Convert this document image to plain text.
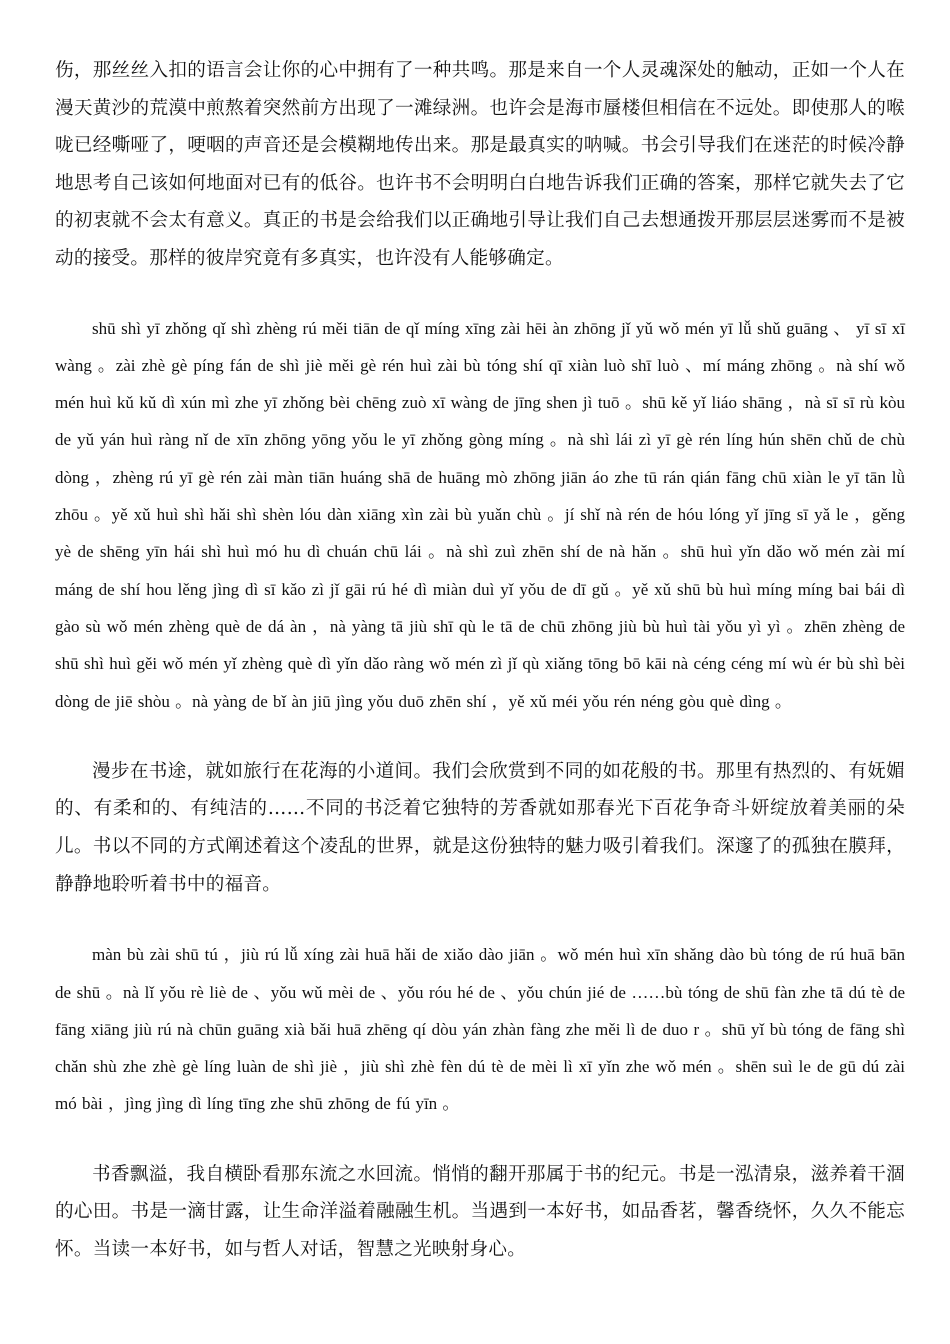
伤，那丝丝入扣的语言会让你的心中拥有了一种共鸣。那是来自一个人灵魂深处的触动，正如一个人在漫天黄沙的荒漠中煎熬着突然前方出现了一滩绿洲。也许会是海市蜃楼但相信在不远处。即使那人的喉咙已经嘶哑了，哽咽的声音还是会模糊地传出来。那是最真实的呐喊。书会引导我们在迷茫的时候冷静地思考自己该如何地面对已有的低谷。也许书不会明明白白地告诉我们正确的答案，那样它就失去了它的初衷就不会太有意义。真正的书是会给我们以正确地引导让我们自己去想通拨开那层层迷雾而不是被动的接受。那样的彼岸究竟有多真实，也许没有人能够确定。

shū shì yī zhǒng qǐ shì zhèng rú měi tiān de qǐ míng xīng zài hēi àn zhōng jǐ yǔ wǒ mén yī lǚ shǔ guāng 、 yī sī xī wàng 。zài zhè gè píng fán de shì jiè měi gè rén huì zài bù tóng shí qī xiàn luò shī luò 、mí máng zhōng 。nà shí wǒ mén huì kǔ kǔ dì xún mì zhe yī zhǒng bèi chēng zuò xī wàng de jīng shen jì tuō 。shū kě yǐ liáo shāng ，nà sī sī rù kòu de yǔ yán huì ràng nǐ de xīn zhōng yōng yǒu le yī zhǒng gòng míng 。nà shì lái zì yī gè rén líng hún shēn chǔ de chù dòng ，zhèng rú yī gè rén zài màn tiān huáng shā de huāng mò zhōng jiān áo zhe tū rán qián fāng chū xiàn le yī tān lǜ zhōu 。yě xǔ huì shì hǎi shì shèn lóu dàn xiāng xìn zài bù yuǎn chù 。jí shǐ nà rén de hóu lóng yǐ jīng sī yǎ le ，gěng yè de shēng yīn hái shì huì mó hu dì chuán chū lái 。nà shì zuì zhēn shí de nà hǎn 。shū huì yǐn dǎo wǒ mén zài mí máng de shí hou lěng jìng dì sī kǎo zì jǐ gāi rú hé dì miàn duì yǐ yǒu de dī gǔ 。yě xǔ shū bù huì míng míng bai bái dì gào sù wǒ mén zhèng què de dá àn ，nà yàng tā jiù shī qù le tā de chū zhōng jiù bù huì tài yǒu yì yì 。zhēn zhèng de shū shì huì gěi wǒ mén yǐ zhèng què dì yǐn dǎo ràng wǒ mén zì jǐ qù xiǎng tōng bō kāi nà céng céng mí wù ér bù shì bèi dòng de jiē shòu 。nà yàng de bǐ àn jiū jìng yǒu duō zhēn shí ，yě xǔ méi yǒu rén néng gòu què dìng 。

漫步在书途，就如旅行在花海的小道间。我们会欣赏到不同的如花般的书。那里有热烈的、有妩媚的、有柔和的、有纯洁的……不同的书泛着它独特的芳香就如那春光下百花争奇斗妍绽放着美丽的朵儿。书以不同的方式阐述着这个凌乱的世界，就是这份独特的魅力吸引着我们。深邃了的孤独在膜拜，静静地聆听着书中的福音。

màn bù zài shū tú ，jiù rú lǚ xíng zài huā hǎi de xiǎo dào jiān 。wǒ mén huì xīn shǎng dào bù tóng de rú huā bān de shū 。nà lǐ yǒu rè liè de 、yǒu wǔ mèi de 、yǒu róu hé de 、yǒu chún jié de ……bù tóng de shū fàn zhe tā dú tè de fāng xiāng jiù rú nà chūn guāng xià bǎi huā zhēng qí dòu yán zhàn fàng zhe měi lì de duo r 。shū yǐ bù tóng de fāng shì chǎn shù zhe zhè gè líng luàn de shì jiè ，jiù shì zhè fèn dú tè de mèi lì xī yǐn zhe wǒ mén 。shēn suì le de gū dú zài mó bài ，jìng jìng dì líng tīng zhe shū zhōng de fú yīn 。

书香飘溢，我自横卧看那东流之水回流。悄悄的翻开那属于书的纪元。书是一泓清泉，滋养着干涸的心田。书是一滴甘露，让生命洋溢着融融生机。当遇到一本好书，如品香茗，馨香绕怀，久久不能忘怀。当读一本好书，如与哲人对话，智慧之光映射身心。
